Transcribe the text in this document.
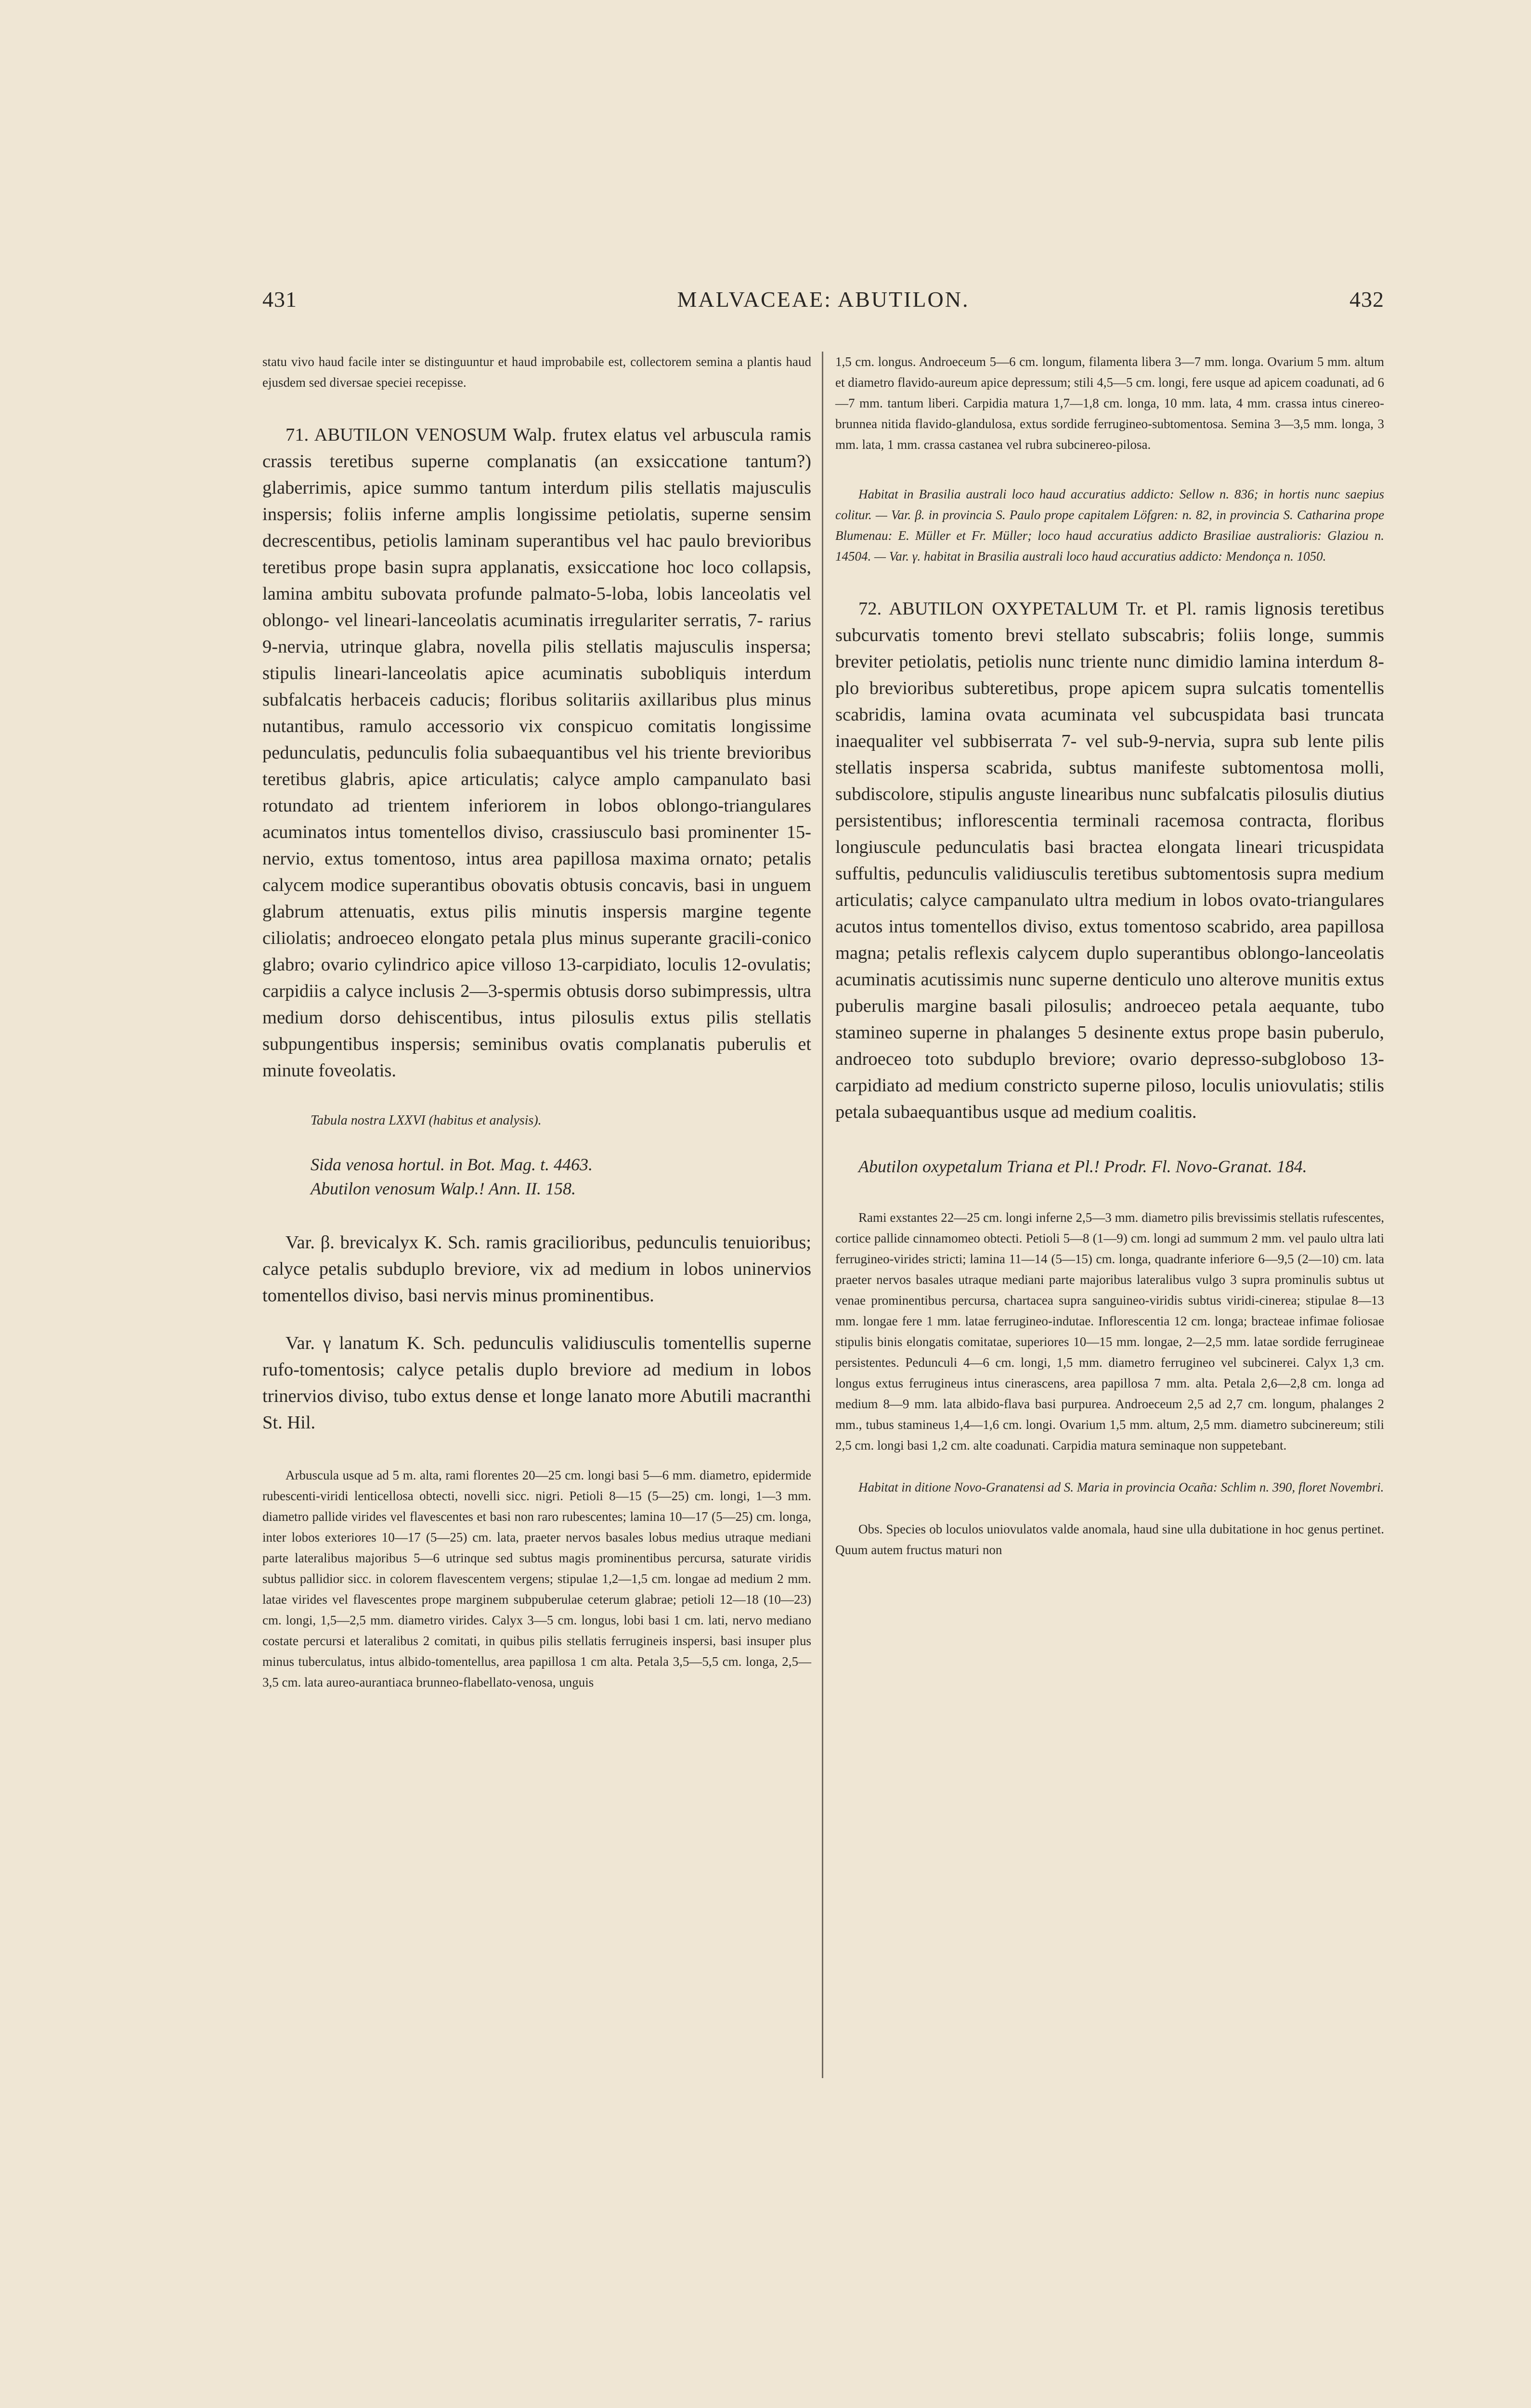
431	MALVACEAE: ABUTILON.	432

statu vivo haud facile inter se distinguuntur et haud improbabile est, collectorem semina a plantis haud ejusdem sed diversae speciei recepisse.

71. ABUTILON VENOSUM Walp. frutex elatus vel arbuscula ramis crassis teretibus superne complanatis (an exsiccatione tantum?) glaberrimis, apice summo tantum interdum pilis stellatis majusculis inspersis; foliis inferne amplis longissime petiolatis, superne sensim decrescentibus, petiolis laminam superantibus vel hac paulo brevioribus teretibus prope basin supra applanatis, exsiccatione hoc loco collapsis, lamina ambitu subovata profunde palmato-5-loba, lobis lanceolatis vel oblongo- vel lineari-lanceolatis acuminatis irregulariter serratis, 7- rarius 9-nervia, utrinque glabra, novella pilis stellatis majusculis inspersa; stipulis lineari-lanceolatis apice acuminatis subobliquis interdum subfalcatis herbaceis caducis; floribus solitariis axillaribus plus minus nutantibus, ramulo accessorio vix conspicuo comitatis longissime pedunculatis, pedunculis folia subaequantibus vel his triente brevioribus teretibus glabris, apice articulatis; calyce amplo campanulato basi rotundato ad trientem inferiorem in lobos oblongo-triangulares acuminatos intus tomentellos diviso, crassiusculo basi prominenter 15-nervio, extus tomentoso, intus area papillosa maxima ornato; petalis calycem modice superantibus obovatis obtusis concavis, basi in unguem glabrum attenuatis, extus pilis minutis inspersis margine tegente ciliolatis; androeceo elongato petala plus minus superante gracili-conico glabro; ovario cylindrico apice villoso 13-carpidiato, loculis 12-ovulatis; carpidiis a calyce inclusis 2—3-spermis obtusis dorso subimpressis, ultra medium dorso dehiscentibus, intus pilosulis extus pilis stellatis subpungentibus inspersis; seminibus ovatis complanatis puberulis et minute foveolatis.

Tabula nostra LXXVI (habitus et analysis).

Sida venosa hortul. in Bot. Mag. t. 4463.

Abutilon venosum Walp.! Ann. II. 158.

Var. β. brevicalyx K. Sch. ramis gracilioribus, pedunculis tenuioribus; calyce petalis subduplo breviore, vix ad medium in lobos uninervios tomentellos diviso, basi nervis minus prominentibus.

Var. γ lanatum K. Sch. pedunculis validiusculis tomentellis superne rufo-tomentosis; calyce petalis duplo breviore ad medium in lobos trinervios diviso, tubo extus dense et longe lanato more Abutili macranthi St. Hil.

Arbuscula usque ad 5 m. alta, rami florentes 20—25 cm. longi basi 5—6 mm. diametro, epidermide rubescenti-viridi lenticellosa obtecti, novelli sicc. nigri. Petioli 8—15 (5—25) cm. longi, 1—3 mm. diametro pallide virides vel flavescentes et basi non raro rubescentes; lamina 10—17 (5—25) cm. longa, inter lobos exteriores 10—17 (5—25) cm. lata, praeter nervos basales lobus medius utraque mediani parte lateralibus majoribus 5—6 utrinque sed subtus magis prominentibus percursa, saturate viridis subtus pallidior sicc. in colorem flavescentem vergens; stipulae 1,2—1,5 cm. longae ad medium 2 mm. latae virides vel flavescentes prope marginem subpuberulae ceterum glabrae; petioli 12—18 (10—23) cm. longi, 1,5—2,5 mm. diametro virides. Calyx 3—5 cm. longus, lobi basi 1 cm. lati, nervo mediano costate percursi et lateralibus 2 comitati, in quibus pilis stellatis ferrugineis inspersi, basi insuper plus minus tuberculatus, intus albido-tomentellus, area papillosa 1 cm alta. Petala 3,5—5,5 cm. longa, 2,5—3,5 cm. lata aureo-aurantiaca brunneo-flabellato-venosa, unguis

1,5 cm. longus. Androeceum 5—6 cm. longum, filamenta libera 3—7 mm. longa. Ovarium 5 mm. altum et diametro flavido-aureum apice depressum; stili 4,5—5 cm. longi, fere usque ad apicem coadunati, ad 6—7 mm. tantum liberi. Carpidia matura 1,7—1,8 cm. longa, 10 mm. lata, 4 mm. crassa intus cinereo-brunnea nitida flavido-glandulosa, extus sordide ferrugineo-subtomentosa. Semina 3—3,5 mm. longa, 3 mm. lata, 1 mm. crassa castanea vel rubra subcinereo-pilosa.

Habitat in Brasilia australi loco haud accuratius addicto: Sellow n. 836; in hortis nunc saepius colitur. — Var. β. in provincia S. Paulo prope capitalem Löfgren: n. 82, in provincia S. Catharina prope Blumenau: E. Müller et Fr. Müller; loco haud accuratius addicto Brasiliae australioris: Glaziou n. 14504. — Var. γ. habitat in Brasilia australi loco haud accuratius addicto: Mendonça n. 1050.

72. ABUTILON OXYPETALUM Tr. et Pl. ramis lignosis teretibus subcurvatis tomento brevi stellato subscabris; foliis longe, summis breviter petiolatis, petiolis nunc triente nunc dimidio lamina interdum 8-plo brevioribus subteretibus, prope apicem supra sulcatis tomentellis scabridis, lamina ovata acuminata vel subcuspidata basi truncata inaequaliter vel subbiserrata 7- vel sub-9-nervia, supra sub lente pilis stellatis inspersa scabrida, subtus manifeste subtomentosa molli, subdiscolore, stipulis anguste linearibus nunc subfalcatis pilosulis diutius persistentibus; inflorescentia terminali racemosa contracta, floribus longiuscule pedunculatis basi bractea elongata lineari tricuspidata suffultis, pedunculis validiusculis teretibus subtomentosis supra medium articulatis; calyce campanulato ultra medium in lobos ovato-triangulares acutos intus tomentellos diviso, extus tomentoso scabrido, area papillosa magna; petalis reflexis calycem duplo superantibus oblongo-lanceolatis acuminatis acutissimis nunc superne denticulo uno alterove munitis extus puberulis margine basali pilosulis; androeceo petala aequante, tubo stamineo superne in phalanges 5 desinente extus prope basin puberulo, androeceo toto subduplo breviore; ovario depresso-subgloboso 13-carpidiato ad medium constricto superne piloso, loculis uniovulatis; stilis petala subaequantibus usque ad medium coalitis.

Abutilon oxypetalum Triana et Pl.! Prodr. Fl. Novo-Granat. 184.

Rami exstantes 22—25 cm. longi inferne 2,5—3 mm. diametro pilis brevissimis stellatis rufescentes, cortice pallide cinnamomeo obtecti. Petioli 5—8 (1—9) cm. longi ad summum 2 mm. vel paulo ultra lati ferrugineo-virides stricti; lamina 11—14 (5—15) cm. longa, quadrante inferiore 6—9,5 (2—10) cm. lata praeter nervos basales utraque mediani parte majoribus lateralibus vulgo 3 supra prominulis subtus ut venae prominentibus percursa, chartacea supra sanguineo-viridis subtus viridi-cinerea; stipulae 8—13 mm. longae fere 1 mm. latae ferrugineo-indutae. Inflorescentia 12 cm. longa; bracteae infimae foliosae stipulis binis elongatis comitatae, superiores 10—15 mm. longae, 2—2,5 mm. latae sordide ferrugineae persistentes. Pedunculi 4—6 cm. longi, 1,5 mm. diametro ferrugineo vel subcinerei. Calyx 1,3 cm. longus extus ferrugineus intus cinerascens, area papillosa 7 mm. alta. Petala 2,6—2,8 cm. longa ad medium 8—9 mm. lata albido-flava basi purpurea. Androeceum 2,5 ad 2,7 cm. longum, phalanges 2 mm., tubus stamineus 1,4—1,6 cm. longi. Ovarium 1,5 mm. altum, 2,5 mm. diametro subcinereum; stili 2,5 cm. longi basi 1,2 cm. alte coadunati. Carpidia matura seminaque non suppetebant.

Habitat in ditione Novo-Granatensi ad S. Maria in provincia Ocaña: Schlim n. 390, floret Novembri.

Obs. Species ob loculos uniovulatos valde anomala, haud sine ulla dubitatione in hoc genus pertinet. Quum autem fructus maturi non
